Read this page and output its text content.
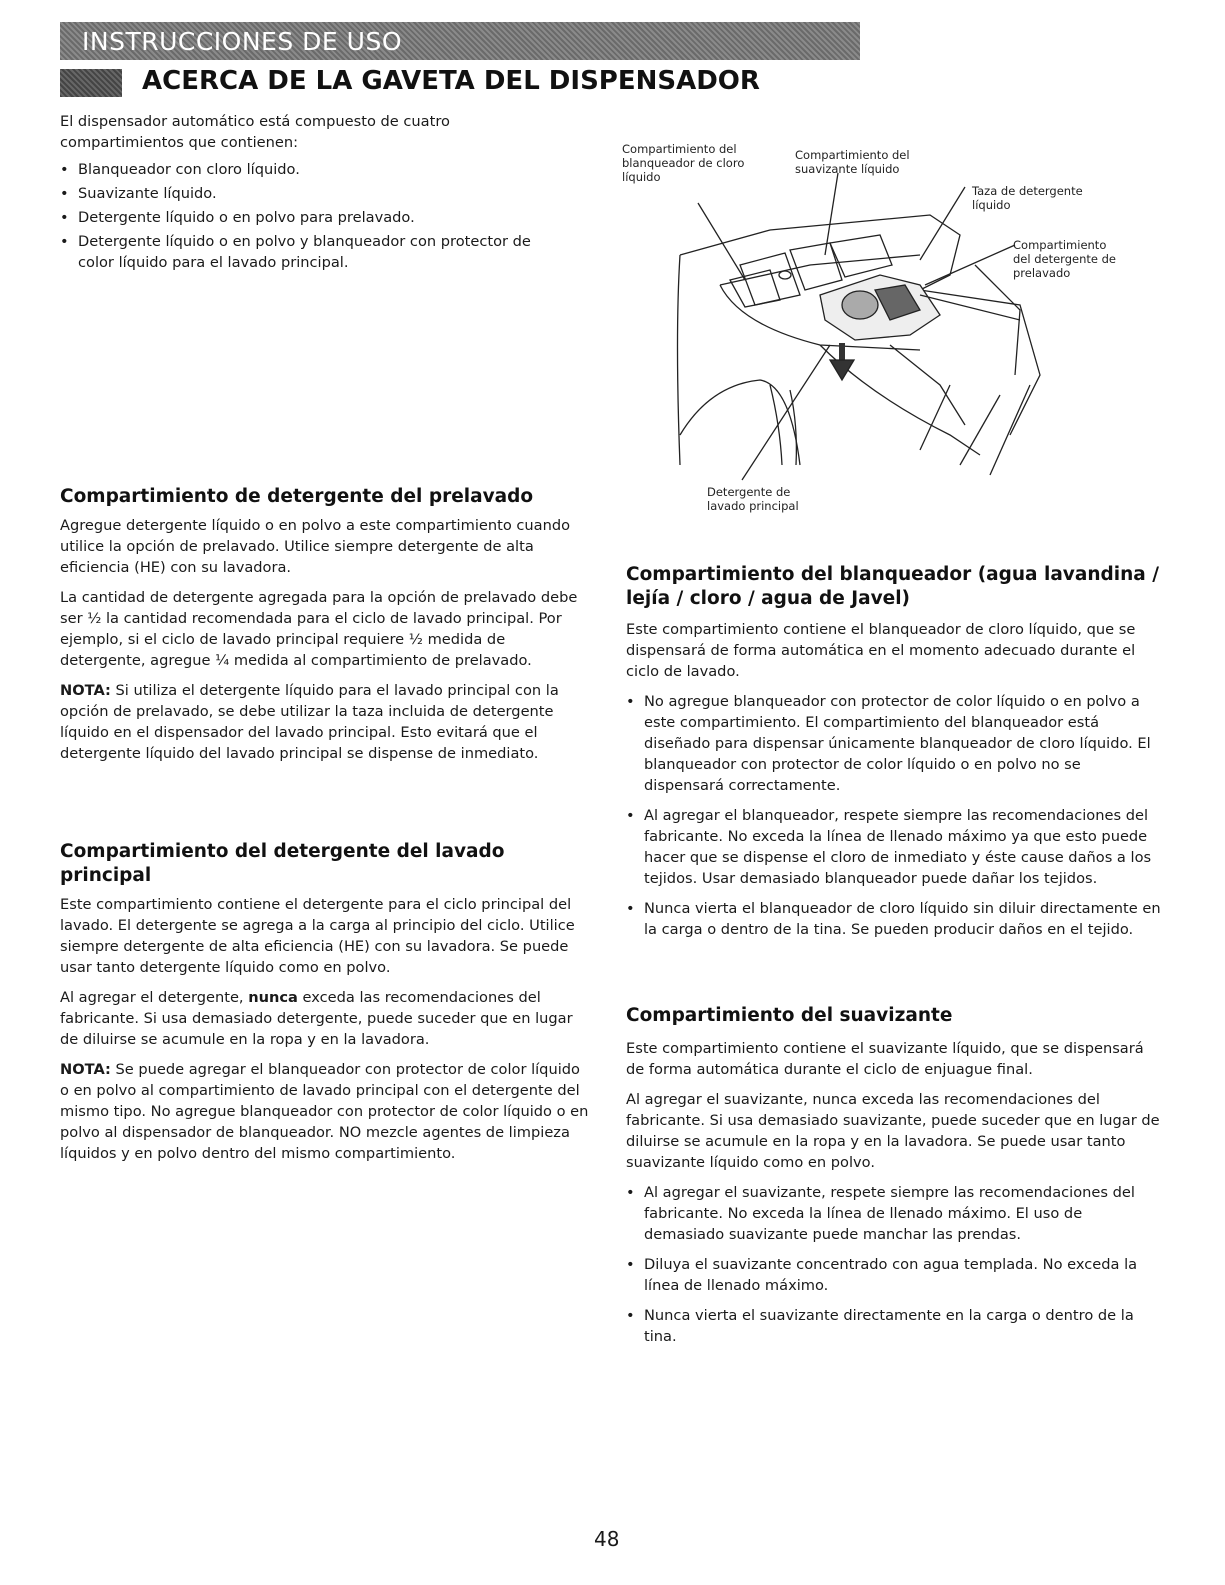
INSTRUCCIONES DE USO
ACERCA DE LA GAVETA DEL DISPENSADOR

El dispensador automático está compuesto de cuatro compartimientos que contienen:

• Blanqueador con cloro líquido.
• Suavizante líquido.
• Detergente líquido o en polvo para prelavado.
• Detergente líquido o en polvo y blanqueador con protector de color líquido para el lavado principal.
Compartimiento del blanqueador de cloro líquido
Compartimiento del suavizante líquido
Taza de detergente líquido
Compartimiento del detergente de prelavado
Detergente de lavado principal
Compartimiento de detergente del prelavado

Agregue detergente líquido o en polvo a este compartimiento cuando utilice la opción de prelavado. Utilice siempre detergente de alta eficiencia (HE) con su lavadora.

La cantidad de detergente agregada para la opción de prelavado debe ser ½ la cantidad recomendada para el ciclo de lavado principal. Por ejemplo, si el ciclo de lavado principal requiere ½ medida de detergente, agregue ¼ medida al compartimiento de prelavado.

NOTA: Si utiliza el detergente líquido para el lavado principal con la opción de prelavado, se debe utilizar la taza incluida de detergente líquido en el dispensador del lavado principal. Esto evitará que el detergente líquido del lavado principal se dispense de inmediato.

Compartimiento del detergente del lavado principal

Este compartimiento contiene el detergente para el ciclo principal del lavado. El detergente se agrega a la carga al principio del ciclo. Utilice siempre detergente de alta eficiencia (HE) con su lavadora. Se puede usar tanto detergente líquido como en polvo.

Al agregar el detergente, nunca exceda las recomendaciones del fabricante. Si usa demasiado detergente, puede suceder que en lugar de diluirse se acumule en la ropa y en la lavadora.

NOTA: Se puede agregar el blanqueador con protector de color líquido o en polvo al compartimiento de lavado principal con el detergente del mismo tipo. No agregue blanqueador con protector de color líquido o en polvo al dispensador de blanqueador. NO mezcle agentes de limpieza líquidos y en polvo dentro del mismo compartimiento.

Compartimiento del blanqueador (agua lavandina / lejía / cloro / agua de Javel)

Este compartimiento contiene el blanqueador de cloro líquido, que se dispensará de forma automática en el momento adecuado durante el ciclo de lavado.

• No agregue blanqueador con protector de color líquido o en polvo a este compartimiento. El compartimiento del blanqueador está diseñado para dispensar únicamente blanqueador de cloro líquido. El blanqueador con protector de color líquido o en polvo no se dispensará correctamente.
• Al agregar el blanqueador, respete siempre las recomendaciones del fabricante. No exceda la línea de llenado máximo ya que esto puede hacer que se dispense el cloro de inmediato y éste cause daños a los tejidos. Usar demasiado blanqueador puede dañar los tejidos.
• Nunca vierta el blanqueador de cloro líquido sin diluir directamente en la carga o dentro de la tina. Se pueden producir daños en el tejido.
Compartimiento del suavizante

Este compartimiento contiene el suavizante líquido, que se dispensará de forma automática durante el ciclo de enjuague final.

Al agregar el suavizante, nunca exceda las recomendaciones del fabricante. Si usa demasiado suavizante, puede suceder que en lugar de diluirse se acumule en la ropa y en la lavadora. Se puede usar tanto suavizante líquido como en polvo.

• Al agregar el suavizante, respete siempre las recomendaciones del fabricante. No exceda la línea de llenado máximo. El uso de demasiado suavizante puede manchar las prendas.
• Diluya el suavizante concentrado con agua templada. No exceda la línea de llenado máximo.
• Nunca vierta el suavizante directamente en la carga o dentro de la tina.
48
